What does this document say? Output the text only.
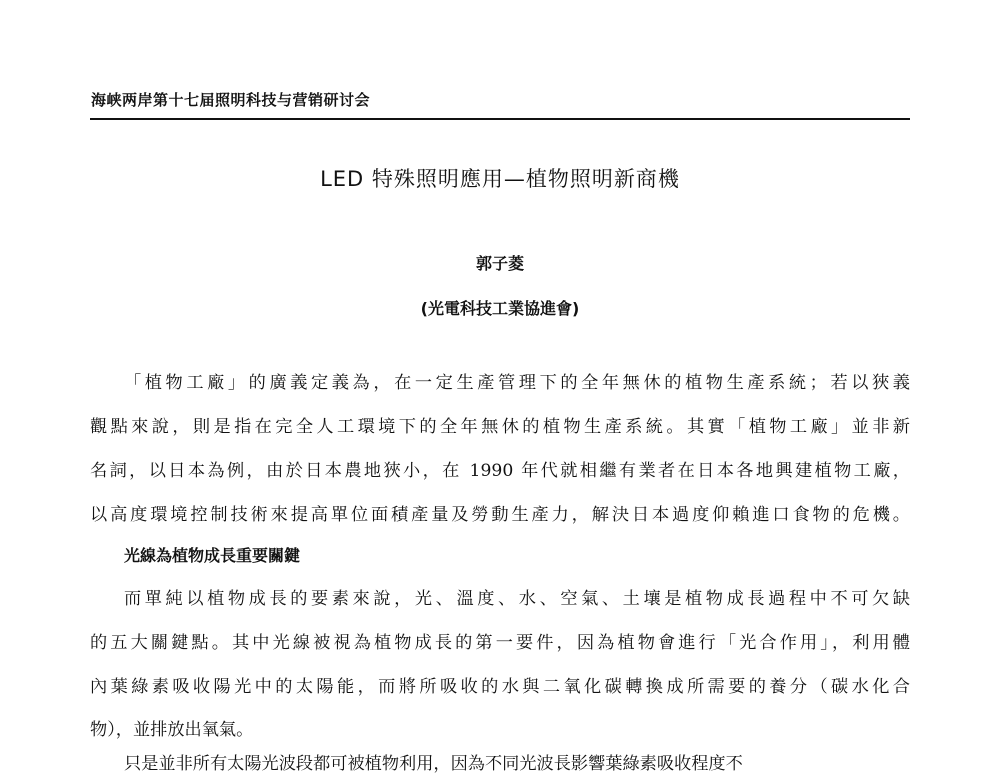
海峡两岸第十七届照明科技与营销研讨会
LED 特殊照明應用—植物照明新商機
郭子菱
(光電科技工業協進會)
「植物工廠」的廣義定義為，在一定生產管理下的全年無休的植物生產系統；若以狹義
觀點來說，則是指在完全人工環境下的全年無休的植物生產系統。其實「植物工廠」並非新
名詞，以日本為例，由於日本農地狹小，在 1990 年代就相繼有業者在日本各地興建植物工廠，
以高度環境控制技術來提高單位面積產量及勞動生產力，解決日本過度仰賴進口食物的危機。
光線為植物成長重要關鍵
而單純以植物成長的要素來說，光、溫度、水、空氣、土壤是植物成長過程中不可欠缺
的五大關鍵點。其中光線被視為植物成長的第一要件，因為植物會進行「光合作用」，利用體
內葉綠素吸收陽光中的太陽能，而將所吸收的水與二氧化碳轉換成所需要的養分（碳水化合
物），並排放出氧氣。
只是並非所有太陽光波段都可被植物利用，因為不同光波長影響葉綠素吸收程度不
